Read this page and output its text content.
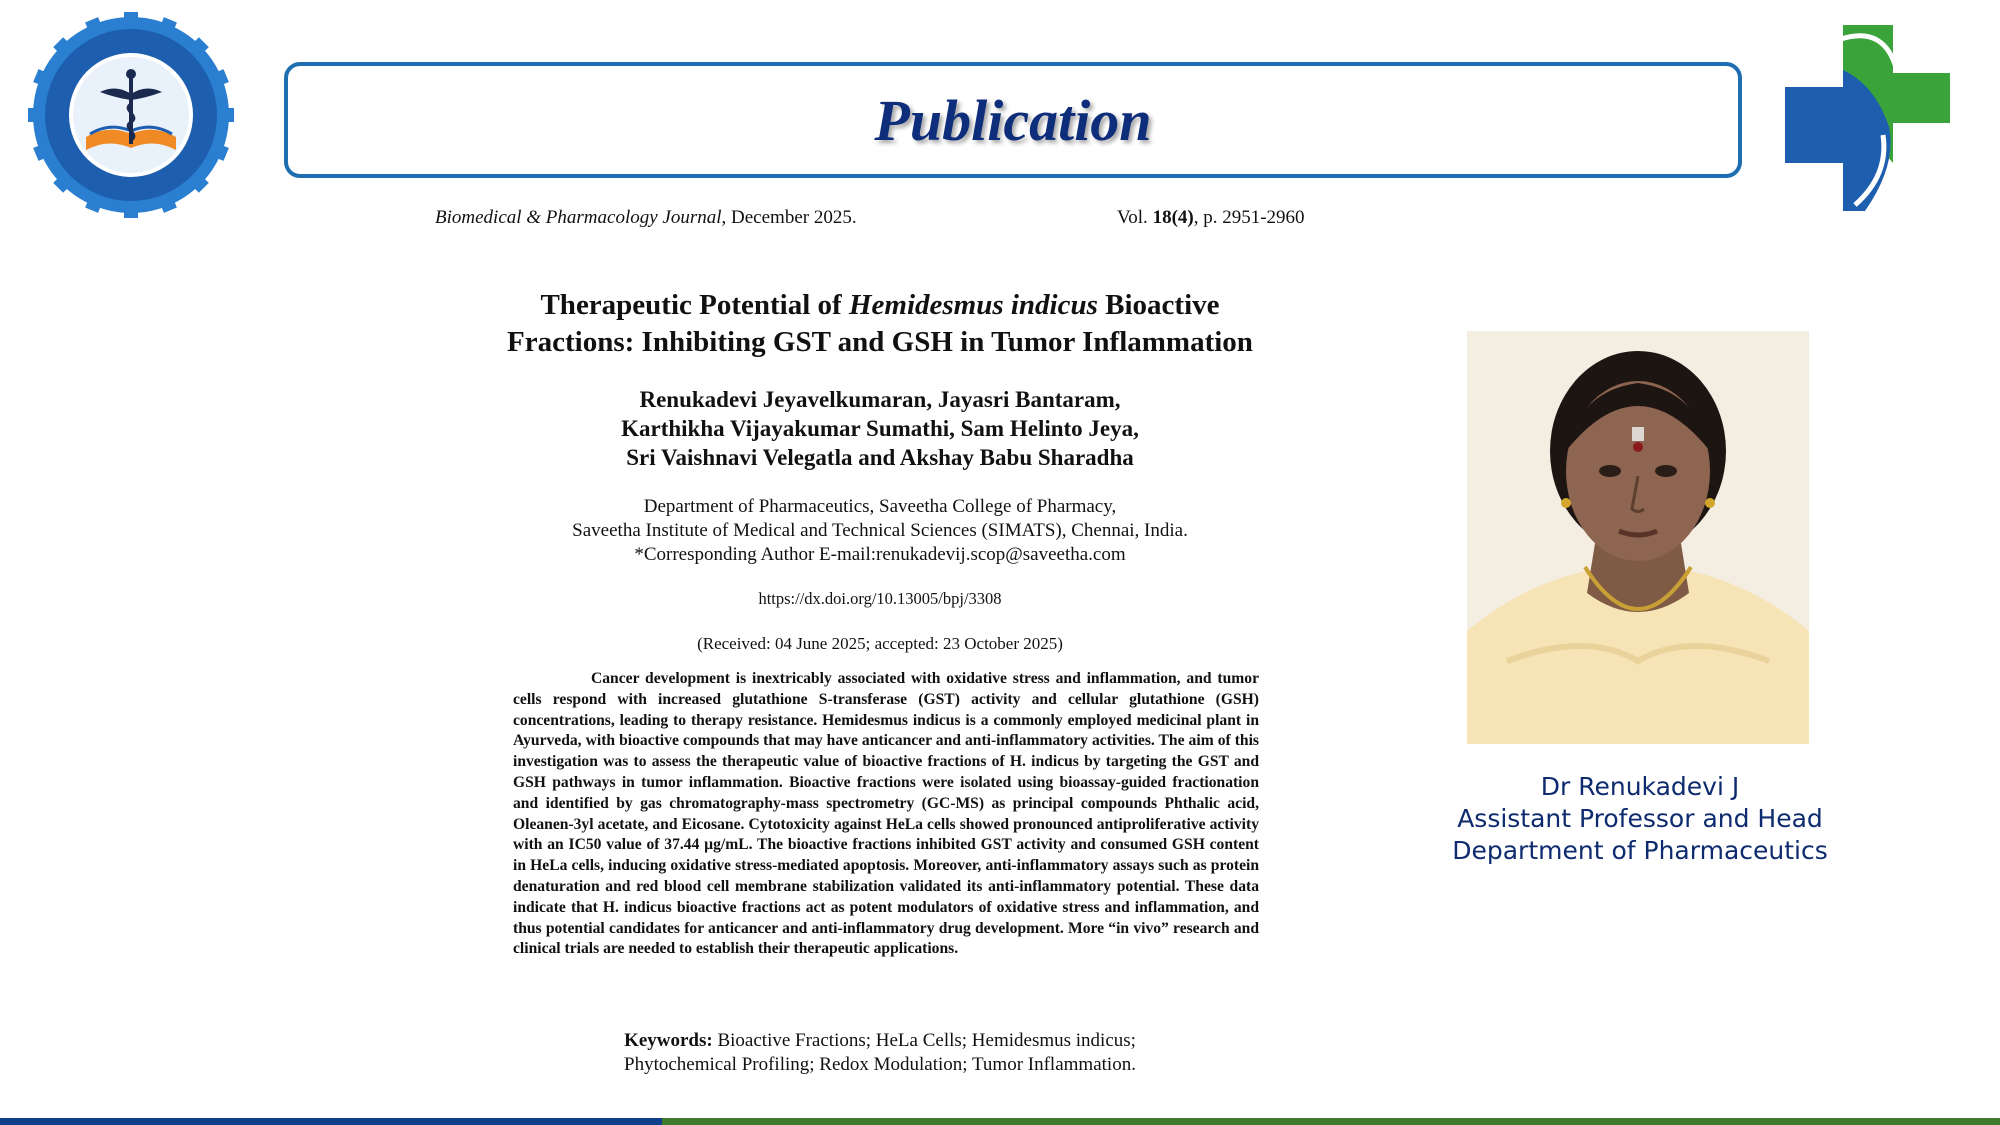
Publication
Biomedical & Pharmacology Journal, December 2025.	Vol. 18(4), p. 2951-2960
Therapeutic Potential of Hemidesmus indicus Bioactive
Fractions: Inhibiting GST and GSH in Tumor Inflammation
Renukadevi Jeyavelkumaran, Jayasri Bantaram,
Karthikha Vijayakumar Sumathi, Sam Helinto Jeya,
Sri Vaishnavi Velegatla and Akshay Babu Sharadha
Department of Pharmaceutics, Saveetha College of Pharmacy,
Saveetha Institute of Medical and Technical Sciences (SIMATS), Chennai, India.
*Corresponding Author E-mail:renukadevij.scop@saveetha.com
https://dx.doi.org/10.13005/bpj/3308
(Received: 04 June 2025; accepted: 23 October 2025)
Cancer development is inextricably associated with oxidative stress and inflammation, and tumor cells respond with increased glutathione S-transferase (GST) activity and cellular glutathione (GSH) concentrations, leading to therapy resistance. Hemidesmus indicus is a commonly employed medicinal plant in Ayurveda, with bioactive compounds that may have anticancer and anti-inflammatory activities. The aim of this investigation was to assess the therapeutic value of bioactive fractions of H. indicus by targeting the GST and GSH pathways in tumor inflammation. Bioactive fractions were isolated using bioassay-guided fractionation and identified by gas chromatography-mass spectrometry (GC-MS) as principal compounds Phthalic acid, Oleanen-3yl acetate, and Eicosane. Cytotoxicity against HeLa cells showed pronounced antiproliferative activity with an IC50 value of 37.44 µg/mL. The bioactive fractions inhibited GST activity and consumed GSH content in HeLa cells, inducing oxidative stress-mediated apoptosis. Moreover, anti-inflammatory assays such as protein denaturation and red blood cell membrane stabilization validated its anti-inflammatory potential. These data indicate that H. indicus bioactive fractions act as potent modulators of oxidative stress and inflammation, and thus potential candidates for anticancer and anti-inflammatory drug development. More “in vivo” research and clinical trials are needed to establish their therapeutic applications.
Keywords: Bioactive Fractions; HeLa Cells; Hemidesmus indicus;
Phytochemical Profiling; Redox Modulation; Tumor Inflammation.
Dr Renukadevi J
Assistant Professor and Head
Department of Pharmaceutics
